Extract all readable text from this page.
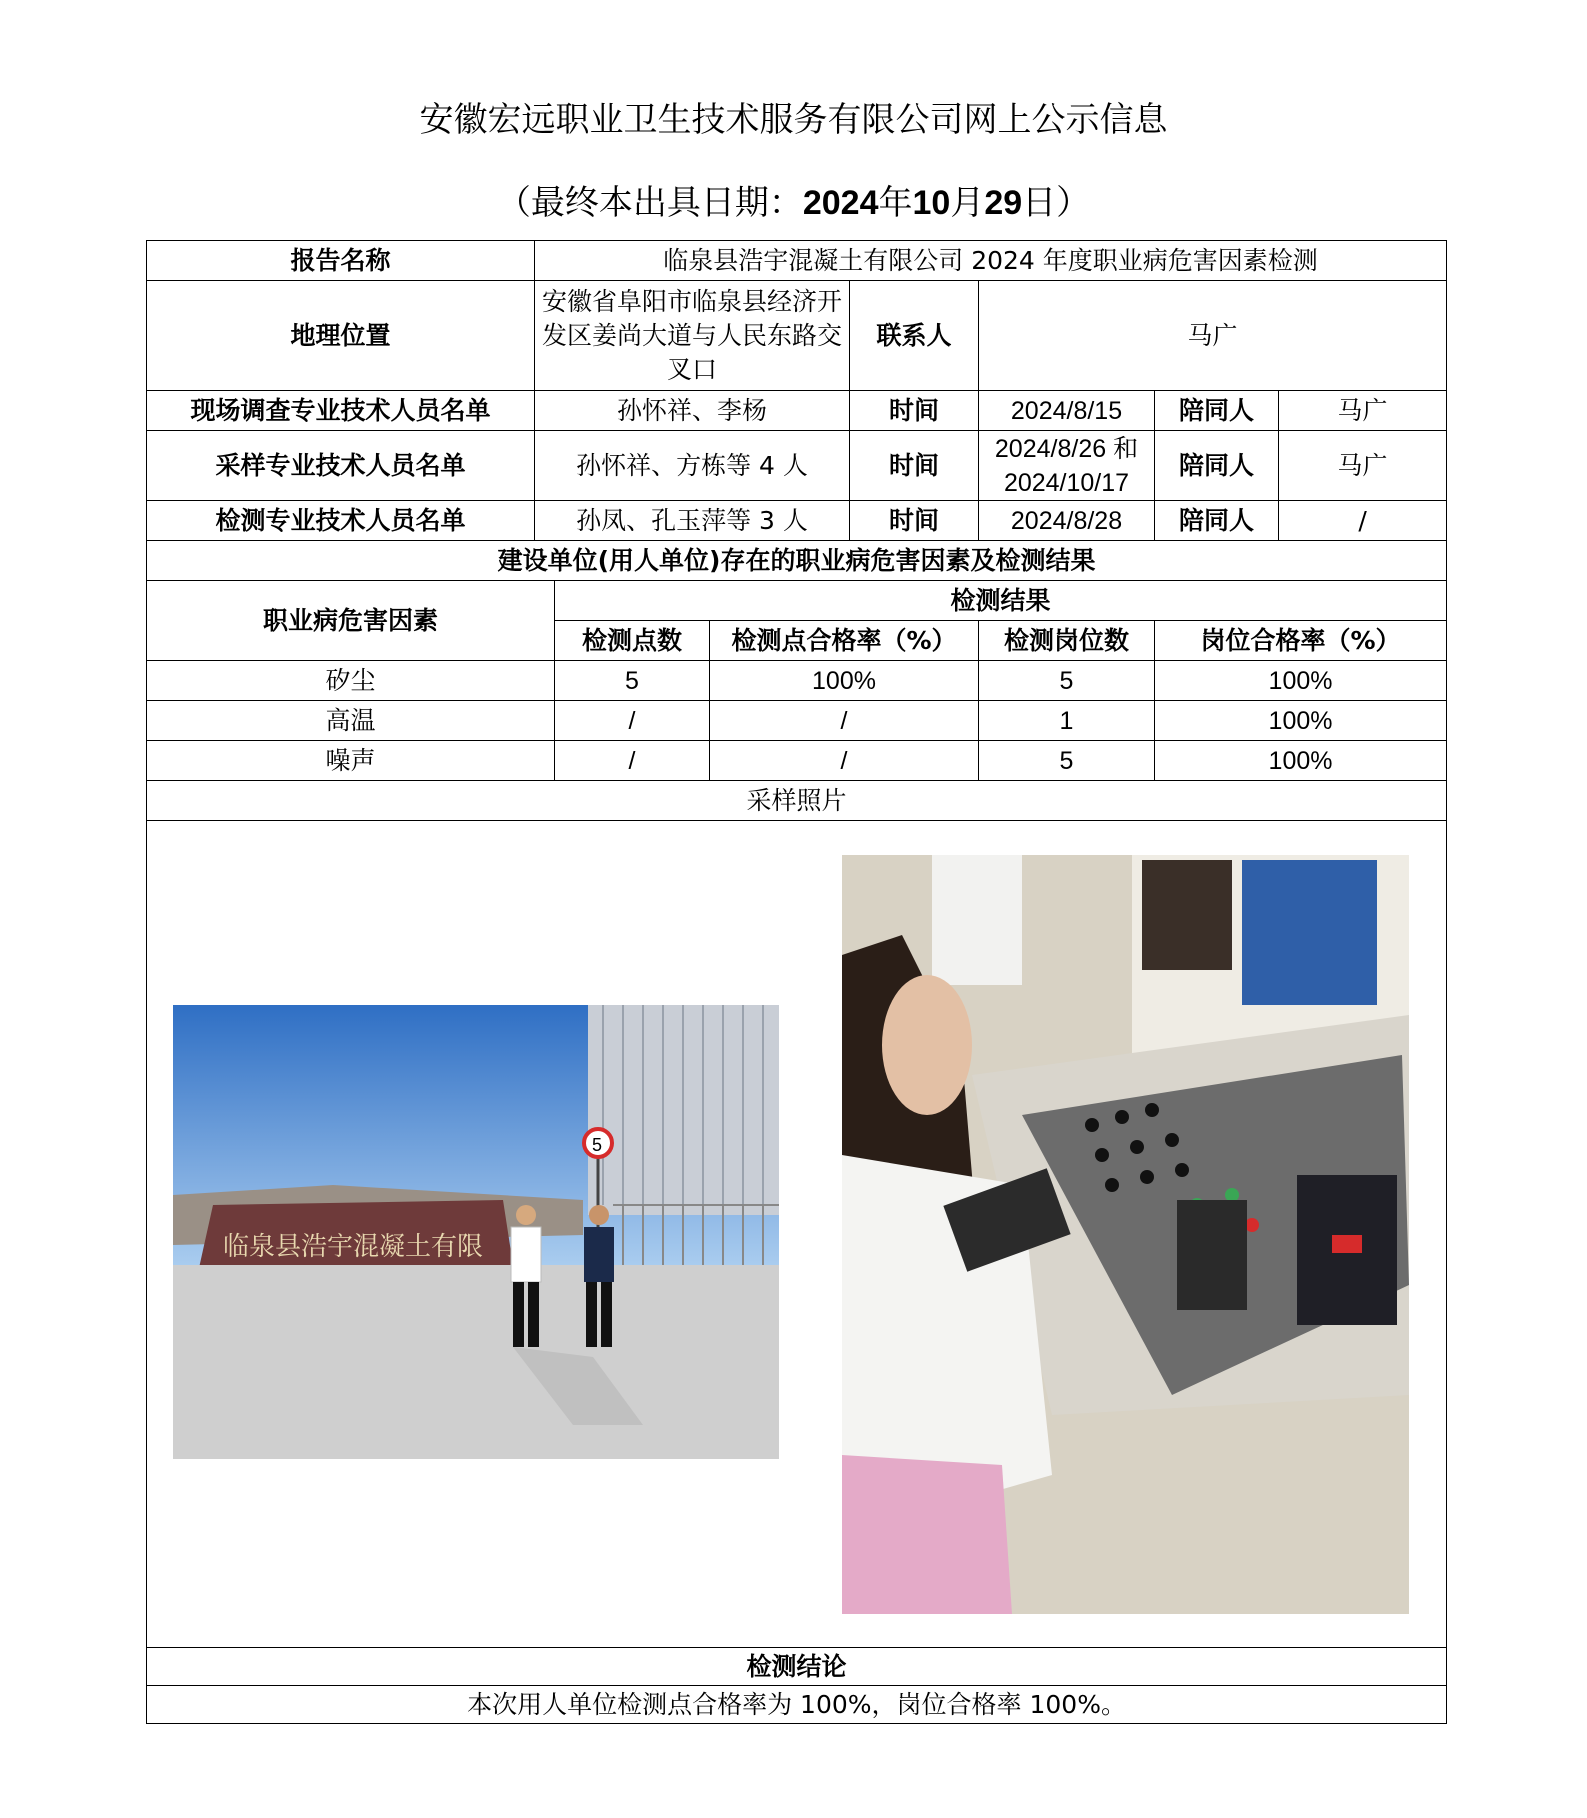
安徽宏远职业卫生技术服务有限公司网上公示信息
（最终本出具日期：2024年10月29日）
报告名称	临泉县浩宇混凝土有限公司 2024 年度职业病危害因素检测						
地理位置	安徽省阜阳市临泉县经济开发区姜尚大道与人民东路交叉口			联系人	马广		
现场调查专业技术人员名单	孙怀祥、李杨			时间	2024/8/15	陪同人	马广
采样专业技术人员名单	孙怀祥、方栋等 4 人			时间	2024/8/26 和 2024/10/17	陪同人	马广
检测专业技术人员名单	孙凤、孔玉萍等 3 人			时间	2024/8/28	陪同人	/
建设单位(用人单位)存在的职业病危害因素及检测结果							
职业病危害因素		检测结果					
		检测点数	检测点合格率（%）		检测岗位数	岗位合格率（%）	
矽尘		5	100%		5	100%	
高温		/	/		1	100%	
噪声		/	/		5	100%	
采样照片							

临泉县浩宇混凝土有限
5							

检测结论							
本次用人单位检测点合格率为 100%，岗位合格率 100%。							
